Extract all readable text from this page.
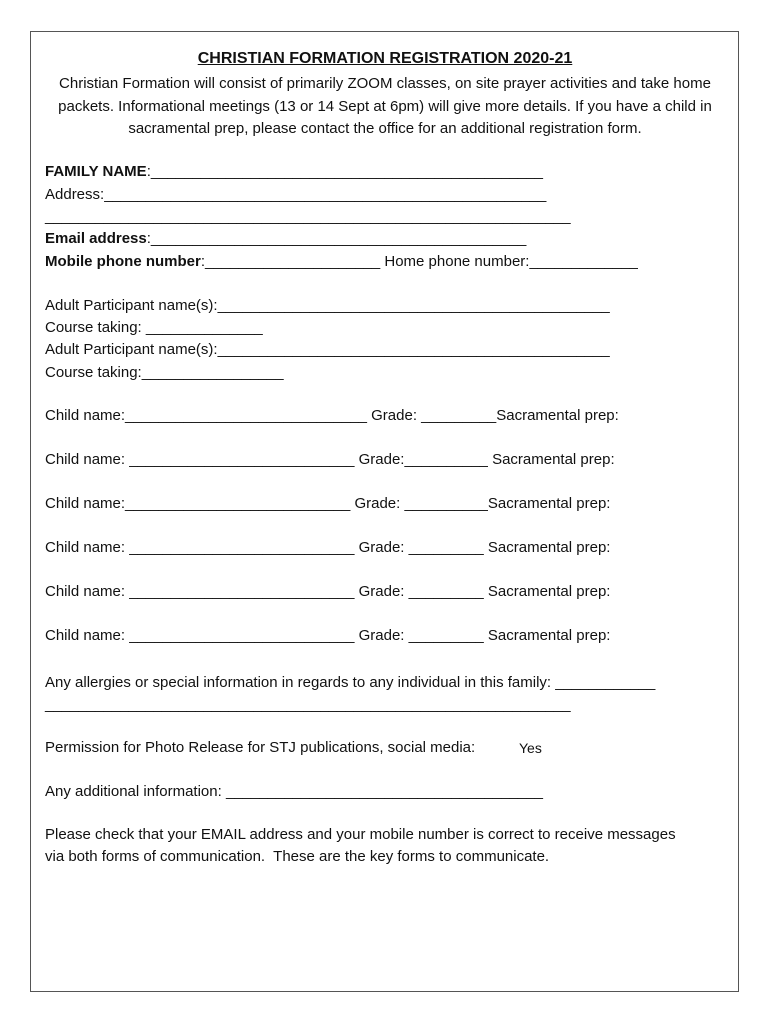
CHRISTIAN FORMATION REGISTRATION 2020-21
Christian Formation will consist of primarily ZOOM classes, on site prayer activities and take home packets. Informational meetings (13 or 14 Sept at 6pm) will give more details. If you have a child in sacramental prep, please contact the office for an additional registration form.
FAMILY NAME:_______________________________________________
Address:_____________________________________________________
_______________________________________________________________
Email address:_____________________________________________
Mobile phone number:_____________________ Home phone number:_____________
Adult Participant name(s):_______________________________________________
Course taking: ______________
Adult Participant name(s):_______________________________________________
Course taking:_________________
Child name:_____________________________ Grade: _________Sacramental prep:
Child name: ___________________________ Grade:__________ Sacramental prep:
Child name:___________________________ Grade: __________Sacramental prep:
Child name: ___________________________ Grade: _________ Sacramental prep:
Child name: ___________________________ Grade: _________ Sacramental prep:
Child name: ___________________________ Grade: _________ Sacramental prep:
Any allergies or special information in regards to any individual in this family: ____________
_______________________________________________________________
Permission for Photo Release for STJ publications, social media:	Yes
Any additional information: ______________________________________
Please check that your EMAIL address and your mobile number is correct to receive messages
via both forms of communication.  These are the key forms to communicate.
